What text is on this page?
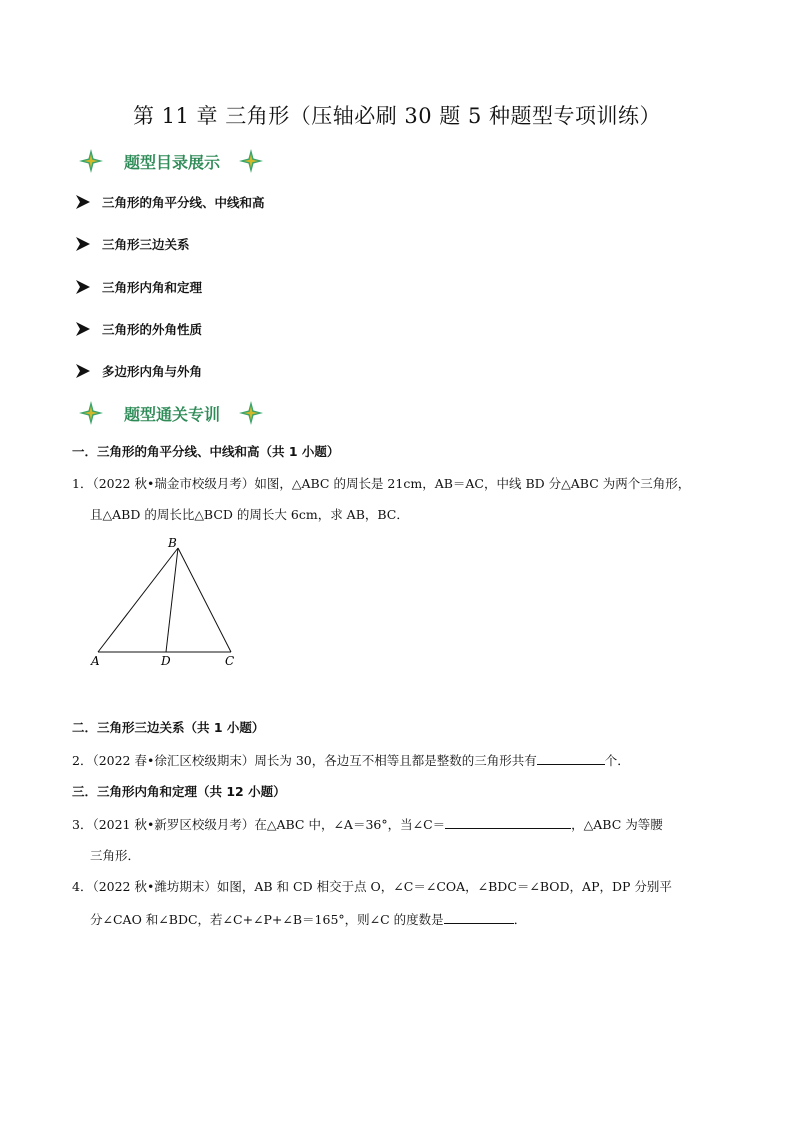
第 11 章 三角形（压轴必刷 30 题 5 种题型专项训练）
题型目录展示
三角形的角平分线、中线和高
三角形三边关系
三角形内角和定理
三角形的外角性质
多边形内角与外角
题型通关专训
一．三角形的角平分线、中线和高（共 1 小题）
1．（2022 秋•瑞金市校级月考）如图，△ABC 的周长是 21cm，AB＝AC，中线 BD 分△ABC 为两个三角形，
且△ABD 的周长比△BCD 的周长大 6cm，求 AB，BC．
B
A	D	C
二．三角形三边关系（共 1 小题）
2．（2022 春•徐汇区校级期末）周长为 30，各边互不相等且都是整数的三角形共有	个．
三．三角形内角和定理（共 12 小题）
3．（2021 秋•新罗区校级月考）在△ABC 中，∠A＝36°，当∠C＝	，△ABC 为等腰
三角形．
4．（2022 秋•潍坊期末）如图，AB 和 CD 相交于点 O，∠C＝∠COA，∠BDC＝∠BOD，AP，DP 分别平
分∠CAO 和∠BDC，若∠C+∠P+∠B＝165°，则∠C 的度数是	．
